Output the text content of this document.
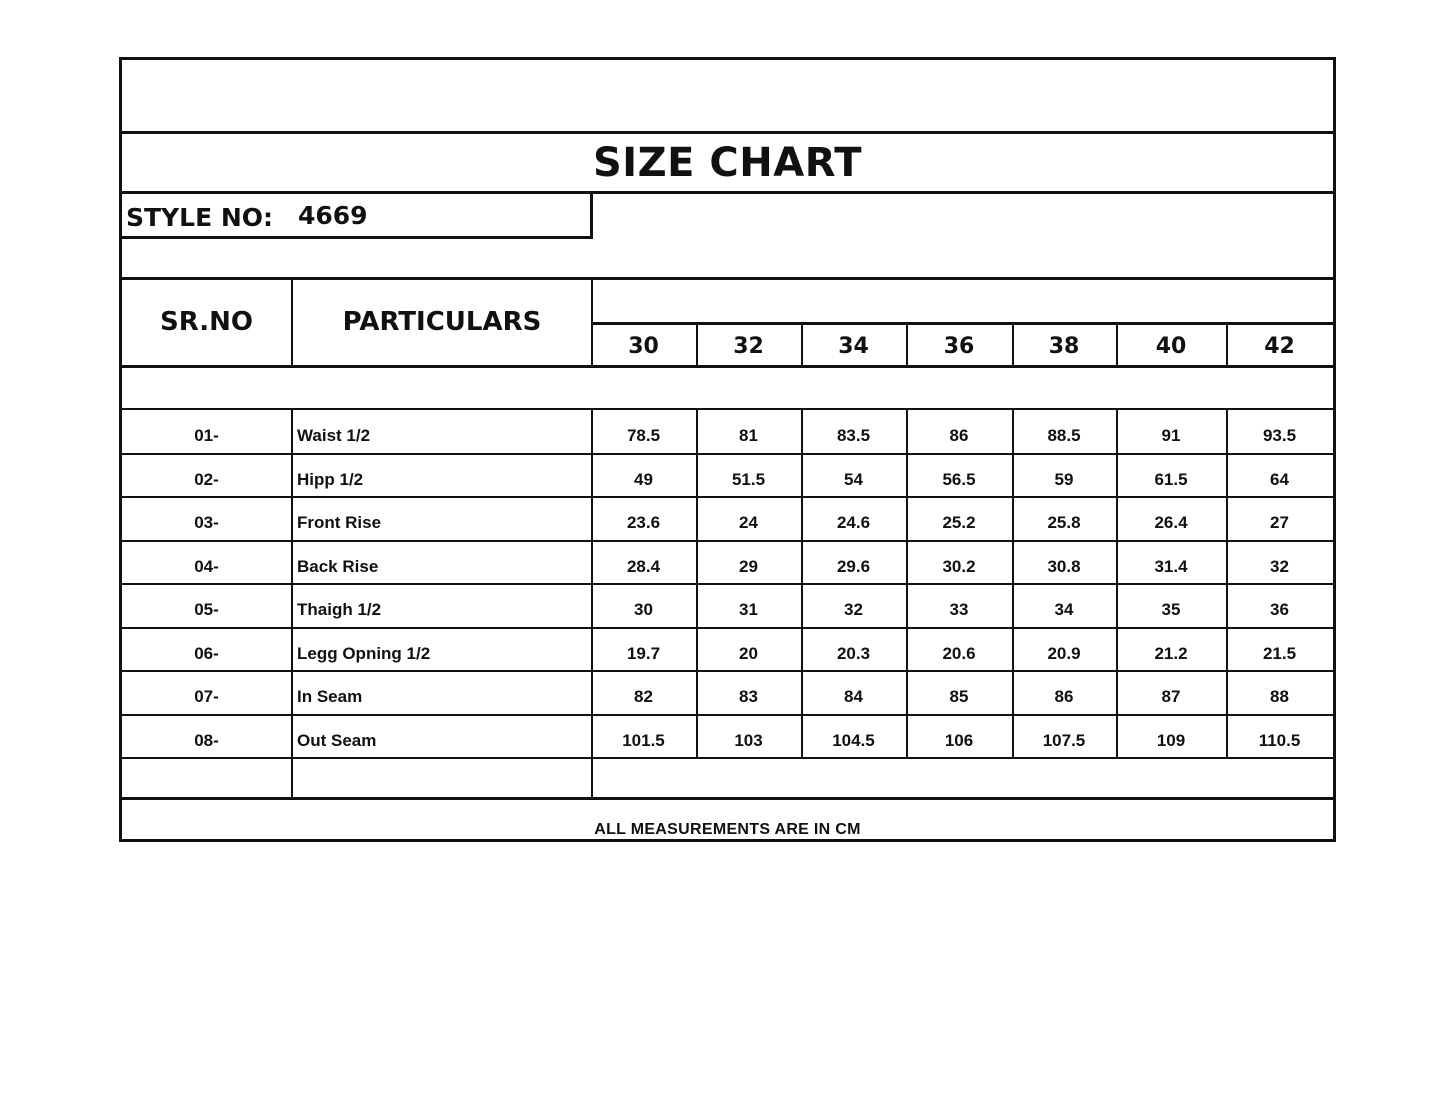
SIZE CHART
STYLE NO: 4669
SR.NO	PARTICULARS
30	32	34	36	38	40	42
01-	Waist 1/2	78.5	81	83.5	86	88.5	91	93.5
02-	Hipp 1/2	49	51.5	54	56.5	59	61.5	64
03-	Front Rise	23.6	24	24.6	25.2	25.8	26.4	27
04-	Back Rise	28.4	29	29.6	30.2	30.8	31.4	32
05-	Thaigh 1/2	30	31	32	33	34	35	36
06-	Legg Opning 1/2	19.7	20	20.3	20.6	20.9	21.2	21.5
07-	In Seam	82	83	84	85	86	87	88
08-	Out Seam	101.5	103	104.5	106	107.5	109	110.5
ALL MEASUREMENTS ARE IN CM
